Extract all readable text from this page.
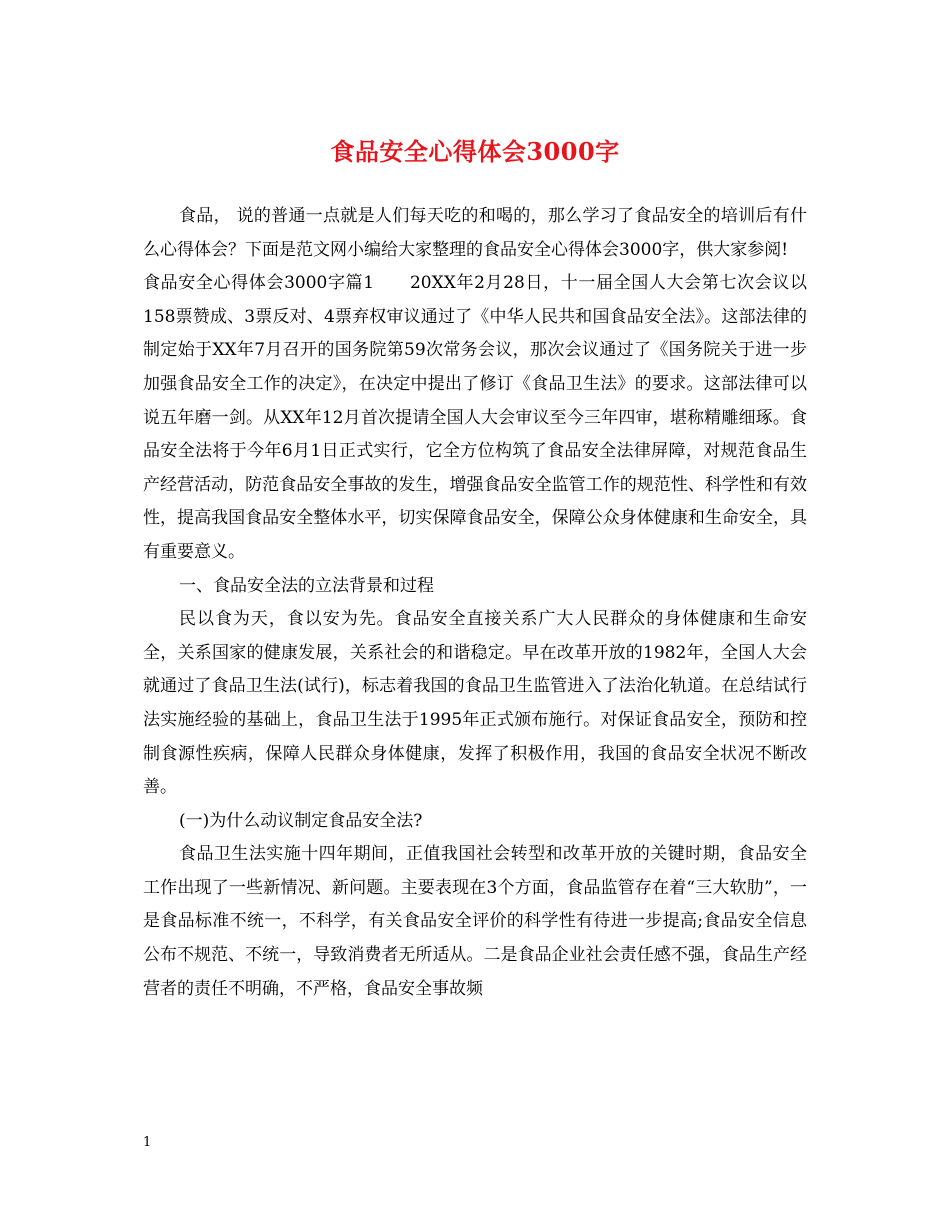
食品安全心得体会3000字

食品， 说的普通一点就是人们每天吃的和喝的，那么学习了食品安全的培训后有什么心得体会？下面是范文网小编给大家整理的食品安全心得体会3000字，供大家参阅!

食品安全心得体会3000字篇1　　20XX年2月28日，十一届全国人大会第七次会议以158票赞成、3票反对、4票弃权审议通过了《中华人民共和国食品安全法》。这部法律的制定始于XX年7月召开的国务院第59次常务会议，那次会议通过了《国务院关于进一步加强食品安全工作的决定》，在决定中提出了修订《食品卫生法》的要求。这部法律可以说五年磨一剑。从XX年12月首次提请全国人大会审议至今三年四审，堪称精雕细琢。食品安全法将于今年6月1日正式实行，它全方位构筑了食品安全法律屏障，对规范食品生产经营活动，防范食品安全事故的发生，增强食品安全监管工作的规范性、科学性和有效性，提高我国食品安全整体水平，切实保障食品安全，保障公众身体健康和生命安全，具有重要意义。

一、食品安全法的立法背景和过程

民以食为天，食以安为先。食品安全直接关系广大人民群众的身体健康和生命安全，关系国家的健康发展，关系社会的和谐稳定。早在改革开放的1982年，全国人大会就通过了食品卫生法(试行)，标志着我国的食品卫生监管进入了法治化轨道。在总结试行法实施经验的基础上，食品卫生法于1995年正式颁布施行。对保证食品安全，预防和控制食源性疾病，保障人民群众身体健康，发挥了积极作用，我国的食品安全状况不断改善。

(一)为什么动议制定食品安全法?

食品卫生法实施十四年期间，正值我国社会转型和改革开放的关键时期，食品安全工作出现了一些新情况、新问题。主要表现在3个方面，食品监管存在着“三大软肋”，一是食品标准不统一，不科学，有关食品安全评价的科学性有待进一步提高;食品安全信息公布不规范、不统一，导致消费者无所适从。二是食品企业社会责任感不强，食品生产经营者的责任不明确，不严格，食品安全事故频

1
